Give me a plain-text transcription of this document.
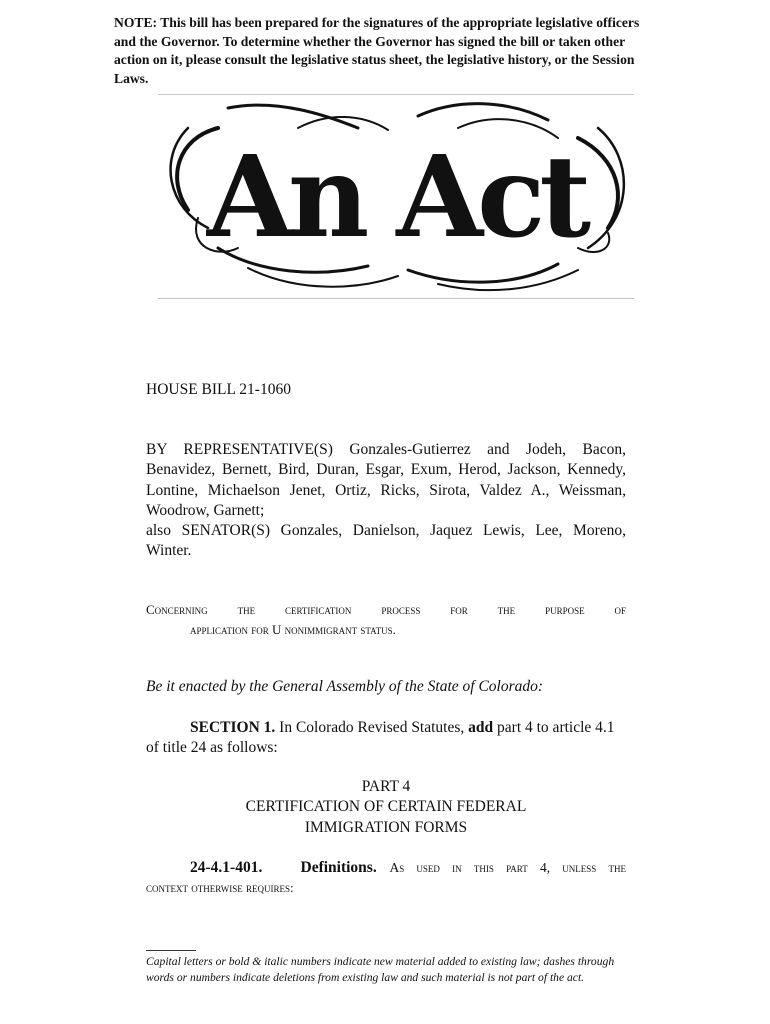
NOTE: This bill has been prepared for the signatures of the appropriate legislative officers and the Governor. To determine whether the Governor has signed the bill or taken other action on it, please consult the legislative status sheet, the legislative history, or the Session Laws.
An Act
HOUSE BILL 21-1060

BY REPRESENTATIVE(S) Gonzales-Gutierrez and Jodeh, Bacon, Benavidez, Bernett, Bird, Duran, Esgar, Exum, Herod, Jackson, Kennedy, Lontine, Michaelson Jenet, Ortiz, Ricks, Sirota, Valdez A., Weissman, Woodrow, Garnett;

also SENATOR(S) Gonzales, Danielson, Jaquez Lewis, Lee, Moreno, Winter.

Concerning the certification process for the purpose of
application for U nonimmigrant status.
Be it enacted by the General Assembly of the State of Colorado:
SECTION 1. In Colorado Revised Statutes, add part 4 to article 4.1
of title 24 as follows:
PART 4
CERTIFICATION OF CERTAIN FEDERAL
IMMIGRATION FORMS
24-4.1-401. Definitions. As used in this part 4, unless the
context otherwise requires:
Capital letters or bold & italic numbers indicate new material added to existing law; dashes through words or numbers indicate deletions from existing law and such material is not part of the act.
